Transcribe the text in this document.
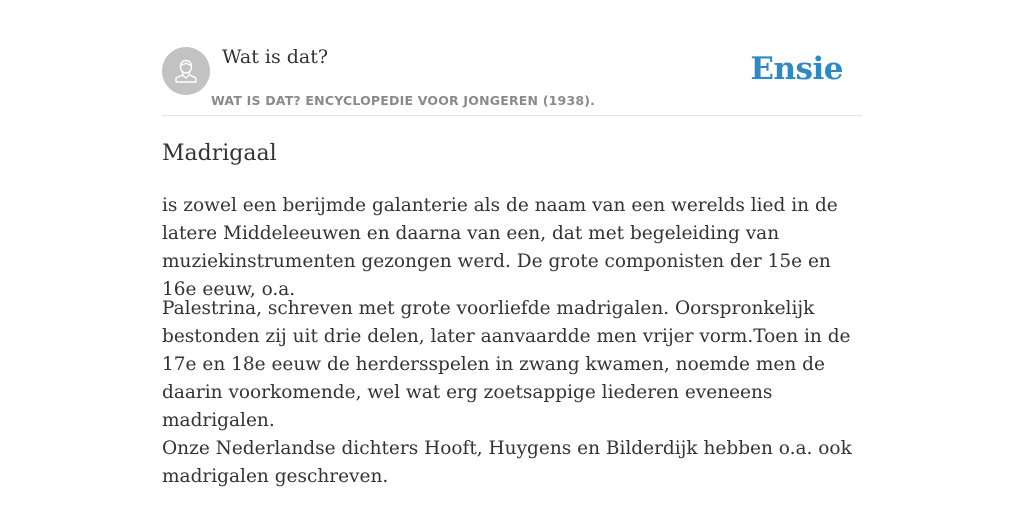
Wat is dat?
WAT IS DAT? ENCYCLOPEDIE VOOR JONGEREN (1938).
Ensie
Madrigaal

is zowel een berijmde galanterie als de naam van een werelds lied in de latere Middeleeuwen en daarna van een, dat met begeleiding van muziekinstrumenten gezongen werd. De grote componisten der 15e en 16e eeuw, o.a.

Palestrina, schreven met grote voorliefde madrigalen. Oorspronkelijk bestonden zij uit drie delen, later aanvaardde men vrijer vorm.Toen in de 17e en 18e eeuw de herdersspelen in zwang kwamen, noemde men de daarin voorkomende, wel wat erg zoetsappige liederen eveneens madrigalen.

Onze Nederlandse dichters Hooft, Huygens en Bilderdijk hebben o.a. ook madrigalen geschreven.
